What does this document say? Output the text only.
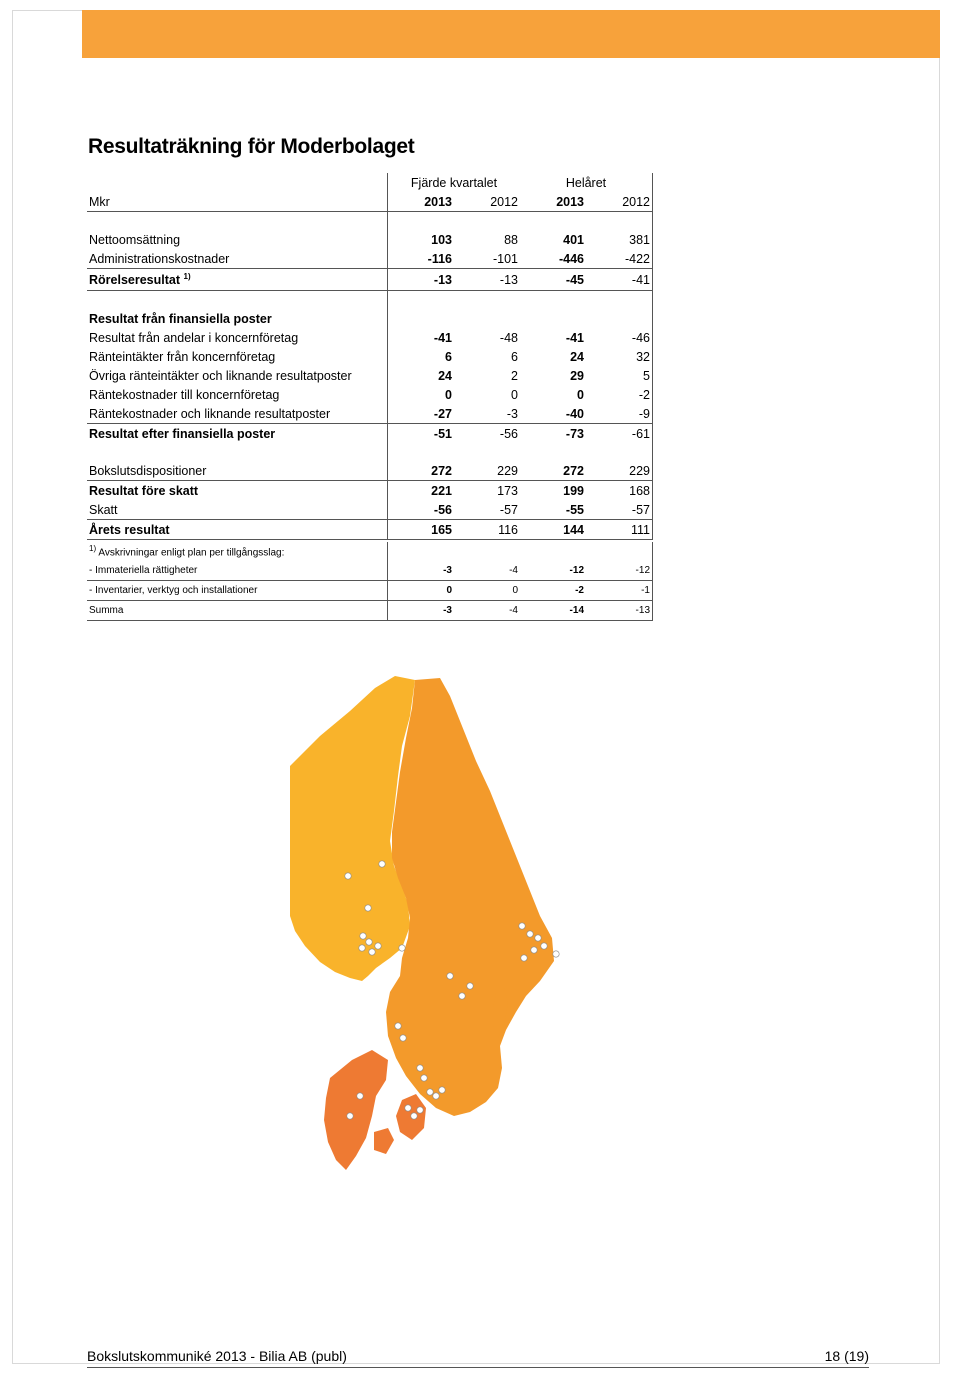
Resultaträkning för Moderbolaget
	Fjärde kvartalet		Helåret	
Mkr	2013	2012	2013	2012

Nettoomsättning	103	88	401	381
Administrationskostnader	-116	-101	-446	-422
Rörelseresultat $^{1)}$	-13	-13	-45	-41

Resultat från finansiella poster				
Resultat från andelar i koncernföretag	-41	-48	-41	-46
Ränteintäkter från koncernföretag	6	6	24	32
Övriga ränteintäkter och liknande resultatposter	24	2	29	5
Räntekostnader till koncernföretag	0	0	0	-2
Räntekostnader och liknande resultatposter	-27	-3	-40	-9
Resultat efter finansiella poster	-51	-56	-73	-61

Bokslutsdispositioner	272	229	272	229
Resultat före skatt	221	173	199	168
Skatt	-56	-57	-55	-57
Årets resultat	165	116	144	111
$^{1)}$ Avskrivningar enligt plan per tillgångsslag:				
- Immateriella rättigheter	-3	-4	-12	-12
- Inventarier, verktyg och installationer	0	0	-2	-1
Summa	-3	-4	-14	-13
Bokslutskommuniké 2013 - Bilia AB (publ)	18 (19)
